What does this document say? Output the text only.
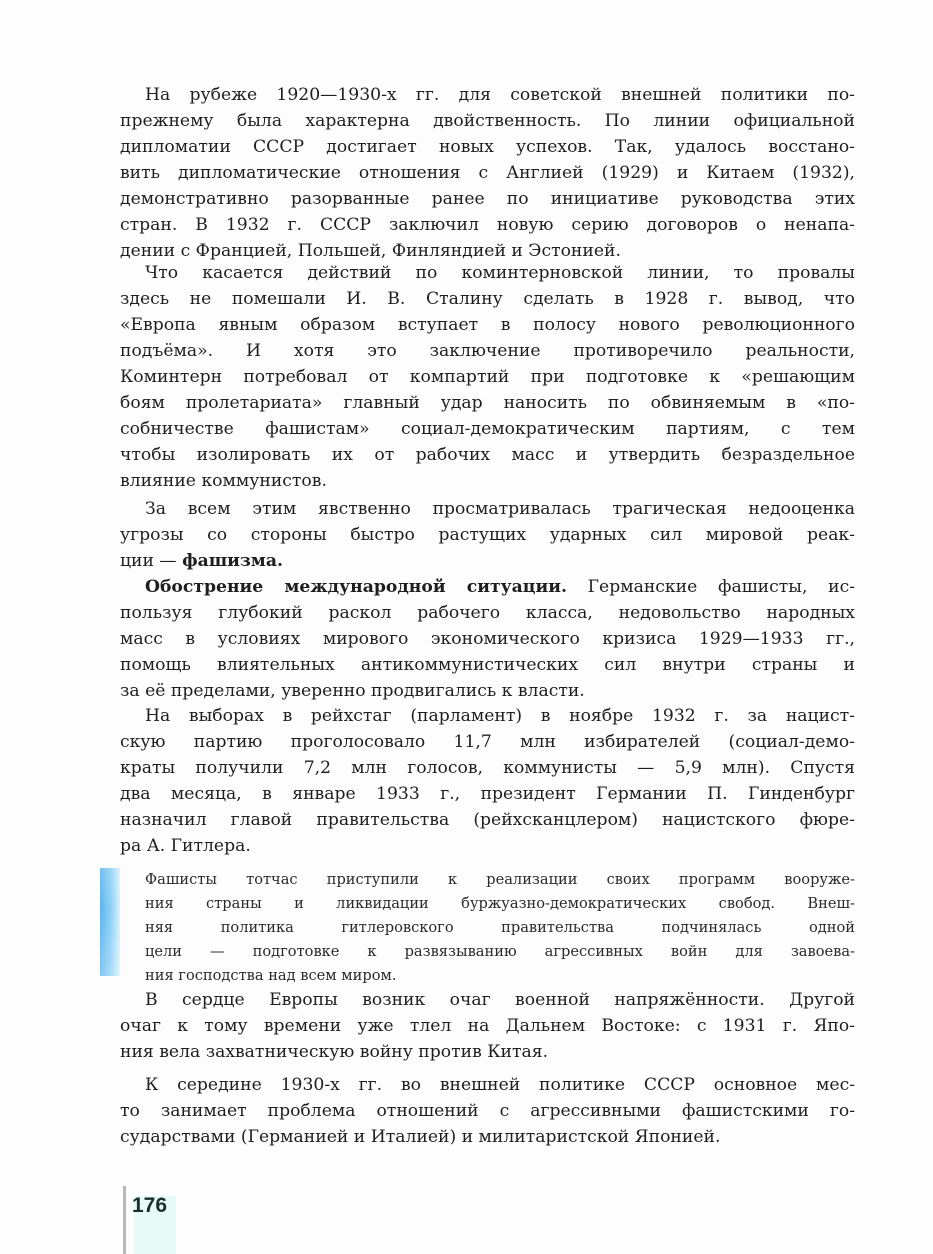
На рубеже 1920—1930-х гг. для советской внешней политики по-
прежнему была характерна двойственность. По линии официальной
дипломатии СССР достигает новых успехов. Так, удалось восстано-
вить дипломатические отношения с Англией (1929) и Китаем (1932),
демонстративно разорванные ранее по инициативе руководства этих
стран. В 1932 г. СССР заключил новую серию договоров о ненапа-
дении с Францией, Польшей, Финляндией и Эстонией.
Что касается действий по коминтерновской линии, то провалы
здесь не помешали И. В. Сталину сделать в 1928 г. вывод, что
«Европа явным образом вступает в полосу нового революционного
подъёма». И хотя это заключение противоречило реальности,
Коминтерн потребовал от компартий при подготовке к «решающим
боям пролетариата» главный удар наносить по обвиняемым в «по-
собничестве фашистам» социал-демократическим партиям, с тем
чтобы изолировать их от рабочих масс и утвердить безраздельное
влияние коммунистов.
За всем этим явственно просматривалась трагическая недооценка
угрозы со стороны быстро растущих ударных сил мировой реак-
ции — фашизма.
Обострение международной ситуации. Германские фашисты, ис-
пользуя глубокий раскол рабочего класса, недовольство народных
масс в условиях мирового экономического кризиса 1929—1933 гг.,
помощь влиятельных антикоммунистических сил внутри страны и
за её пределами, уверенно продвигались к власти.
На выборах в рейхстаг (парламент) в ноябре 1932 г. за нацист-
скую партию проголосовало 11,7 млн избирателей (социал-демо-
краты получили 7,2 млн голосов, коммунисты — 5,9 млн). Спустя
два месяца, в январе 1933 г., президент Германии П. Гинденбург
назначил главой правительства (рейхсканцлером) нацистского фюре-
ра А. Гитлера.
Фашисты тотчас приступили к реализации своих программ вооруже-
ния страны и ликвидации буржуазно-демократических свобод. Внеш-
няя политика гитлеровского правительства подчинялась одной
цели — подготовке к развязыванию агрессивных войн для завоева-
ния господства над всем миром.
В сердце Европы возник очаг военной напряжённости. Другой
очаг к тому времени уже тлел на Дальнем Востоке: с 1931 г. Япо-
ния вела захватническую войну против Китая.
К середине 1930-х гг. во внешней политике СССР основное мес-
то занимает проблема отношений с агрессивными фашистскими го-
сударствами (Германией и Италией) и милитаристской Японией.
176
